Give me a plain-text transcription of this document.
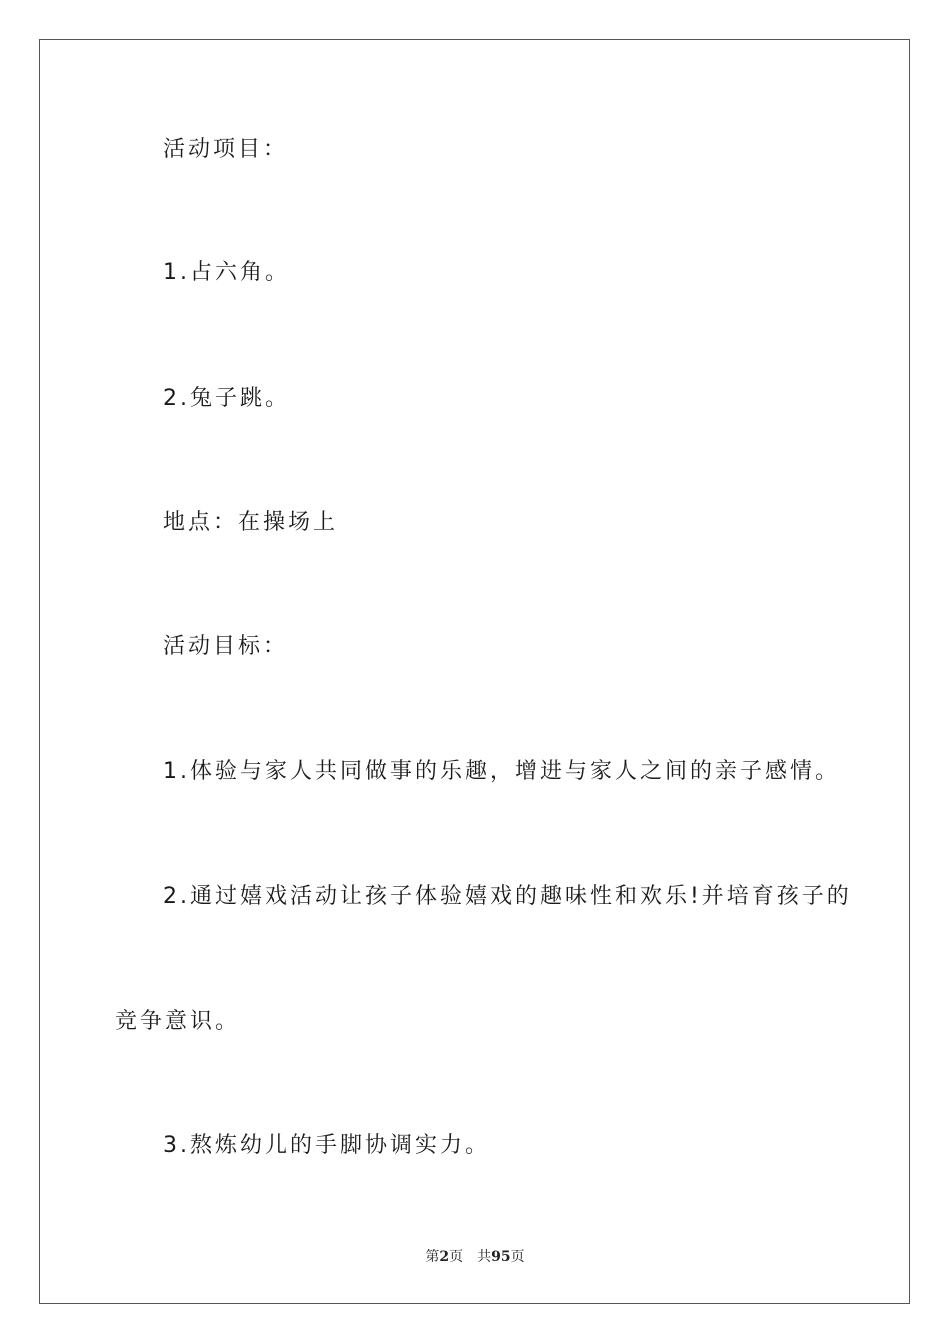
活动项目：
1.占六角。
2.兔子跳。
地点：在操场上
活动目标：
1.体验与家人共同做事的乐趣，增进与家人之间的亲子感情。
2.通过嬉戏活动让孩子体验嬉戏的趣味性和欢乐!并培育孩子的
竞争意识。
3.熬炼幼儿的手脚协调实力。
第2页 共95页
